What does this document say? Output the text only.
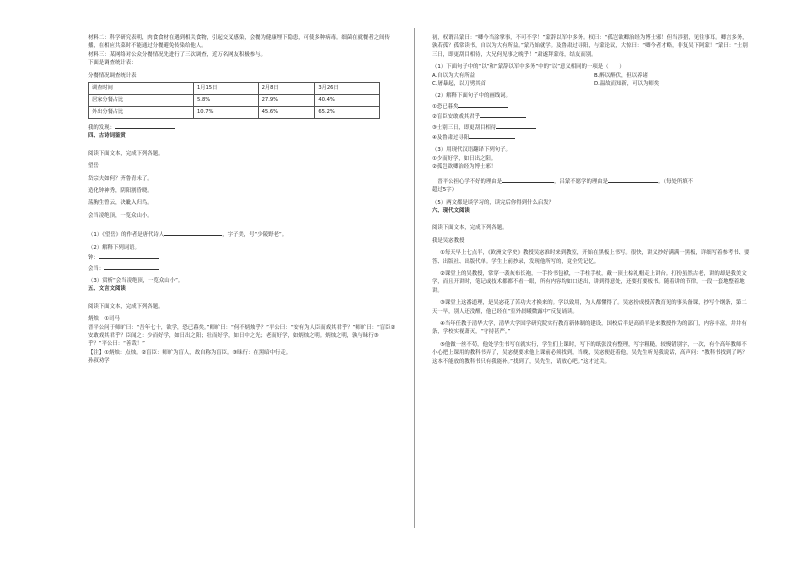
材料二：科学研究表明，肉食食材在遇到相关食物，引起交叉感染，会餐为健康埋下隐患，可使多种病毒。细菌在就餐者之间传播，在相应共菜时不能通过分餐避免传染给他人。

材料三：某网络对公众分餐情况先进行了三次调查，近万名网友积极参与。

下面是调查统计表：

分餐情况调查统计表

调查时间	1月15日	2月8日	3月26日
居家分餐占比	5.8%	27.9%	40.4%
外出分餐占比	10.7%	45.6%	65.2%

我的发现：

四、古诗词鉴赏

阅读下面文本，完成下列各题。

望岳

岱宗夫如何？齐鲁青未了。

造化钟神秀，阴阳割昏晓。

荡胸生曾云，决眦入归鸟。

会当凌绝顶，一览众山小。

（1）《望岳》的作者是唐代诗人	，字子美，号“少陵野老”。

（2）解释下列词语。

钟：

会当：

（3）赏析“会当凌绝顶，一览众山小”。

五、文言文阅读

阅读下面文本，完成下列各题。

炳烛　①司马

晋平公问于师旷曰：“吾年七十，欲学，恐已暮矣。”师旷曰：“何不炳烛乎？”平公曰：“安有为人臣而戏其君乎？”师旷曰：“盲臣②安敢戏其君乎？臣闻之：少而好学，如日出之阳；壮而好学，如日中之光；老而好学，如炳烛之明。炳烛之明，孰与昧行③乎？”平公曰：“善哉！”

【注】①炳烛：点烛。②盲臣：师旷为盲人，故自称为盲臣。③昧行：在黑暗中行走。

孙叔劝学

初，权谓吕蒙曰：“卿今当涂掌事，不可不学！”蒙辞以军中多务。权曰：“孤岂欲卿治经为博士邪！但当涉猎，见往事耳。卿言多务，孰若孤？孤常读书，自以为大有所益。”蒙乃始就学。及鲁肃过寻阳，与蒙论议，大惊曰：“卿今者才略，非复吴下阿蒙！”蒙曰：“士别三日，即更刮目相待，大兄何见事之晚乎！”肃遂拜蒙母，结友而别。

（1）下面句子中的“以”和“蒙辞以军中多务”中的“以”意义相同的一项是（　　）

A.自以为大有所益	B.醉以醉伏，但以养诸
C.屠暴起，以刀劈其首	D.温故而知新，可以为师矣

（2）解释下面句子中的画线词。

①恐已暮矣

②盲臣安敢戏其君乎

③士别三日，即更刮目相待

④及鲁肃过寻阳

（3）用现代汉语翻译下列句子。

①少而好学，如日出之阳。

②孤岂欲卿治经为博士邪！

　晋平公担心学不好的理由是	，吕蒙不愿学的理由是	。（每处所填不

超过5字）

（5）两文都是谈学习的，读完后你得到什么启发？

六、现代文阅读

阅读下面文本，完成下列各题。

我是吴宓教授

①每天早上七点半，《欧洲文学史》教授吴宓准时来到教室，开始在黑板上书写。很快，讲义抄好满满一黑板，详细写着参考书、要答、出版社、出版代单。学生上前抄录，发现他所写的，竟全凭记忆。

②课堂上的吴教授，常穿一袭灰布长袍，一手拎书包袱，一手柱手杖，戴一顶土棕礼帽走上讲台。打扮虽然古老，讲的却是我美文学，而且开讲时，笔记或技术都都不看一眼，所有内容均如口述出，讲到得意处，还要打要板书。随着讲的节律，一段一套地整着地讲。

③课堂上这番道理，是吴宓花了苦功夫才换来的。学以致用，为人都懂得了。吴宓扮成授苦教育见的事头备课，抄写个纲条，第二天一早，别人还没醒，他已经在“室外晨曦微露中”反复诵读。

④当年任教于清华大学，清华大学国学研究院实行教育新体制的建设，国校后半是高质半是来教授作为的部门，内容丰富，井井有条，学校实视萧灭，“守持甚严。”

⑤他做一丝不苟，他处学生书写在就实行，学生们上课时，写下的纸张没有整理，写字粗糙，较慢错别字，一次，有个高年教师不小心把上课用的教科书弄了，吴宓便要求他上课前必须找到，当晚，吴宓便赶着他，吴先生听见我说话，高声问：“教科书找到了吗？这本不能放的教科书只有我能补。”找到了，吴先生，请放心吧。”这才过关。
